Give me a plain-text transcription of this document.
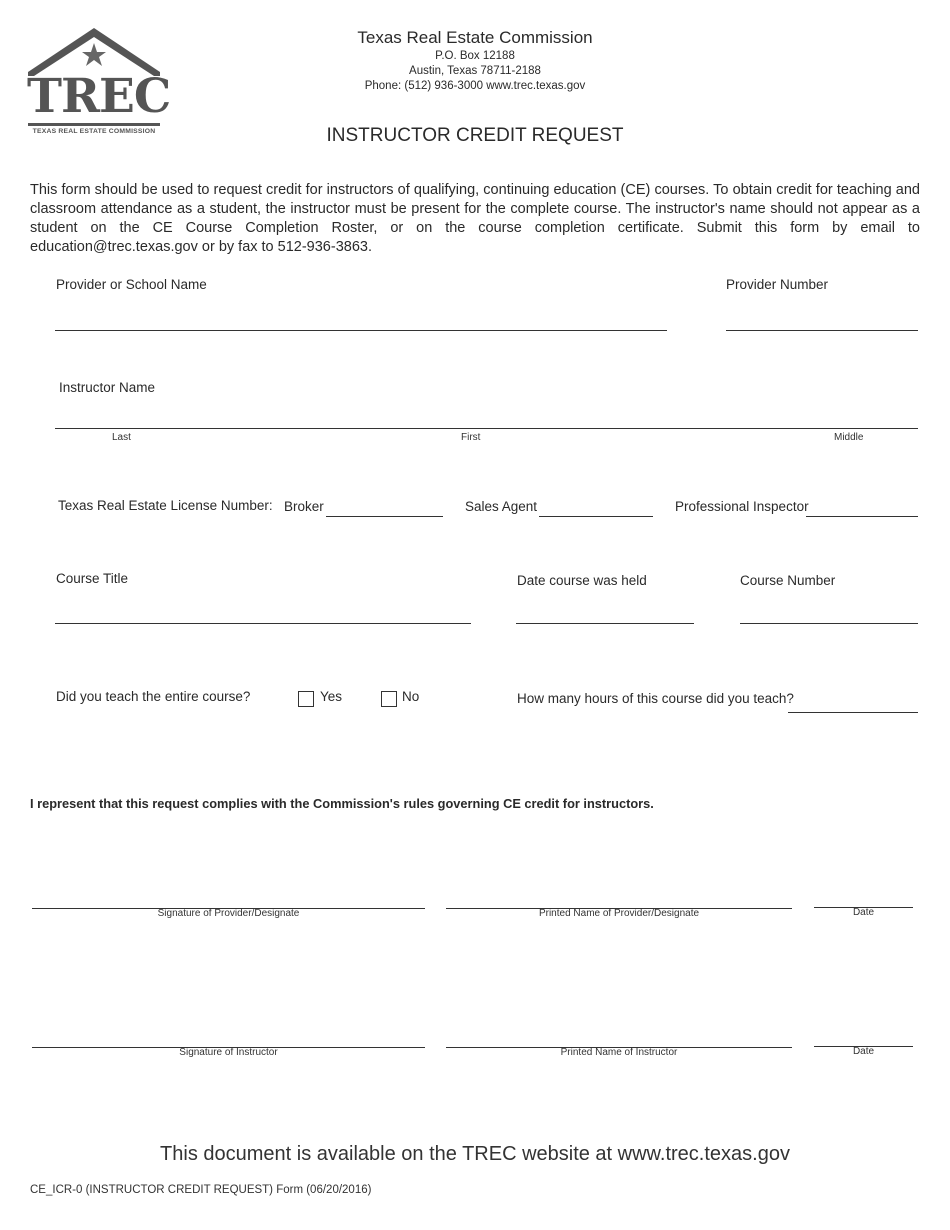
TREC
TEXAS REAL ESTATE COMMISSION
Texas Real Estate Commission
P.O. Box 12188
Austin, Texas 78711-2188
Phone: (512) 936-3000 www.trec.texas.gov
INSTRUCTOR CREDIT REQUEST
This form should be used to request credit for instructors of qualifying, continuing education (CE) courses. To obtain credit for teaching and classroom attendance as a student, the instructor must be present for the complete course. The instructor's name should not appear as a student on the CE Course Completion Roster, or on the course completion certificate. Submit this form by email to education@trec.texas.gov or by fax to 512-936-3863.
Provider or School Name	Provider Number
Instructor Name
Last	First	Middle
Texas Real Estate License Number: Broker	Sales Agent	Professional Inspector
Course Title	Date course was held	Course Number
Did you teach the entire course?	Yes	No	How many hours of this course did you teach?
I represent that this request complies with the Commission's rules governing CE credit for instructors.
Signature of Provider/Designate	Printed Name of Provider/Designate	Date
Signature of Instructor	Printed Name of Instructor	Date
This document is available on the TREC website at www.trec.texas.gov
CE_ICR-0 (INSTRUCTOR CREDIT REQUEST) Form (06/20/2016)
